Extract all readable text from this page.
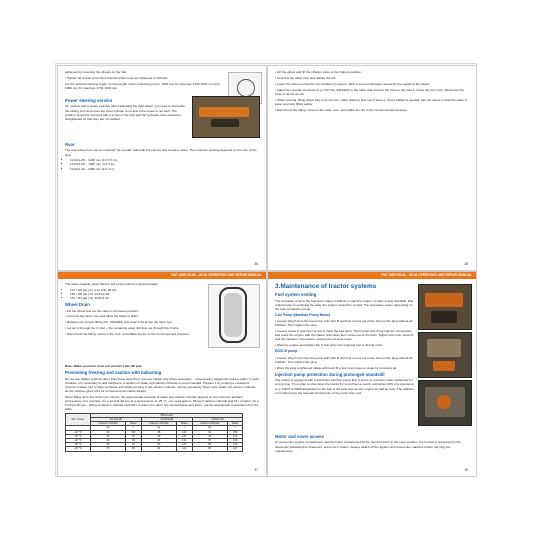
achieved by reversing the wheels on the hub.

• Tighten all screws and check that the wheel nuts are tightened to 160 Nm.

For the optional steering angle, set the length of the connecting rod A: 1050 mm for spacings 1330-1630 mm and 1080 mm for spacings 1730-1930 mm.

Power steering version

On models with a power cylinder, when adjusting the right wheel, you need to dismantle the sliding joint and move the inner cylinder to its axis if the hoses is not bent. The position should be secured with a screw of the hole and the hydraulic lines should be straightened so that they are not twisted.

Rear

The rear wheel rims can be mounted "at a pedal" with both the convex and concave sides. The minimum spacing depends on the size of the tires:

• 12.4/11-28 – 1228 mm (4 ft 1½ in);
• 13.6/12-28 – 1280 mm (4 ft 2 in);
• 13.6/11-32 – 1280 mm (4 ft 2 in).
36

• Lift the wheel and lift the inflation valve to the highest position.

• Unscrew the valve core and deflate the tire.

• Lower the wheel so that the tyre deflates by approx. 30% to prevent damage caused by the weight of the wheel.

• Attach the special connector (e.g. FIAT No. 2919403) to the valve and connect the hose to the inlet A. Close the tire is full, disconnect the hose to let the air out.

• When pouring, lifting wheel has to be full size, water starts to flow out of hose A. If less ballast is needed, turn the wheel so that the water is lower and stop filling earlier.

• Disconnect the fitting, screw in the valve core, and inflate the tire to the recommended pressure.

38
FIAT AGRI 35-66 – 80-94 OPERATING AND REPAIR MANUAL

The water capacity when filled to 3/4 of the volume is approximately:

• 113 l (25 gal.) for a 12.4/11-28 tire;
• 160 l (35 gal.) for 13.6/12-28;
• 170 l (37 gal.) for 13.6/11-32.
Wheel Drain

• Lift the wheel and set the valve to its lowest position.

• Unscrew the valve core and allow the water to drain.

• Replace the service fitting (No. 2919406) and insert tube B into the inner tyre.

• Let air in through the C inlet – the remaining water will flow out through the D tube.

• Disconnect the fitting, screw in the cork, and inflate the tire to the recommended pressure.

Note: Water pressure must not exceed 1 bar (30 psi).

Preventing freezing and caution with ballasting

Do not use ballast systems other than those described, and use ballast only when necessary – unnecessary weight can reduce safety. In cold climates, it is necessary to add antifreeze. A solution of water and calcium chloride is recommended. Prepare it by pouring a measured amount of water into a clean container and slowly pouring in the calcium chloride, stirring constantly. Never pour water into calcium chloride, as the reaction gives off a lot of heat and can cause danger.

When filling up to 3/4 of the tyre volume, the approximate amounts of water and calcium chloride depend on the minimum ambient temperature. For example, for a 12.4/11-28 tyre at a temperature of -25 °C, you need approx. 56 kg of calcium chloride and 91 l of water; for a 13.6/12-28 tyre – 80 kg of calcium chloride and 125 l of water. For other tyre temperatures and sizes, use the appropriate proportions from the table:

Min. Temp.	Wheel size					
	12.4/11-28		13.6/12-28		13.6/11-32	
	Calcium chloride	Water	Calcium chloride	Water	Calcium chloride	Water
	kg	l	kg	l	kg	l
-10 °C	20	102	28	143	31	150
-15 °C	30	97	40	137	43	142
-20 °C	40	93	54	131	57	136
-25 °C	56	91	80	125	83	130
-30 °C	67	89	91	122	96	127
37
FIAT AGRI 35-66 – 80-94 OPERATING AND REPAIR MANUAL
3.Maintenance of tractor systems
Fuel system venting

The formation of air in the fuel lines makes it difficult to start the engine, so after a long standstill, filter replacement or emptying the tank, the system should be vented. The procedure varies depending on the type of injection pump.

CAV Pump (Manifold Pump Motor)

• Loosen plug A from the fuel pump with inlet B until fuel comes out of the hose in the plug without air bubbles. Then tighten the plug.

• Loosen screw C and inner screw D (near the fuel tank). Then loosen the three injector connections and crank the engine with the starter until clean fuel comes out of the lines. Tighten the inner screw D and the injection connections, leaving the screw E loose.

• Start the engine and tighten the C bolt when the outgoing fuel is devoid of air.

BOSCH pump

• Loosen plug A from the fuel pump with inlet B until fuel comes out of the hose in the plug without air bubbles. Then tighten the plug.

• Drive the plug a tightened inflate with lever B a few more times to clean by removing air.

Injection pump protection during prolonged standstill

The tractor is equipped with a distributor injection pump that is prone to corrosion when stationary for a long time. If you plan to shut down the tractor for more than a month, add about 10% of a special oil (e.g. FROT S 50/50 kitoplastic) to the fuel in the tank and run the engine for half an hour. The addition of oil will protect the internal components of the pump from rust.

Motor and cover access

To access the engine compartment, pull the lower outward and lift the hood forward. In the open position, the bonnet is supported by the telescopic (kickstand) to lowered it, press the F button. Always switch off the ignition and secure the machine before carrying out maintenance.

39
